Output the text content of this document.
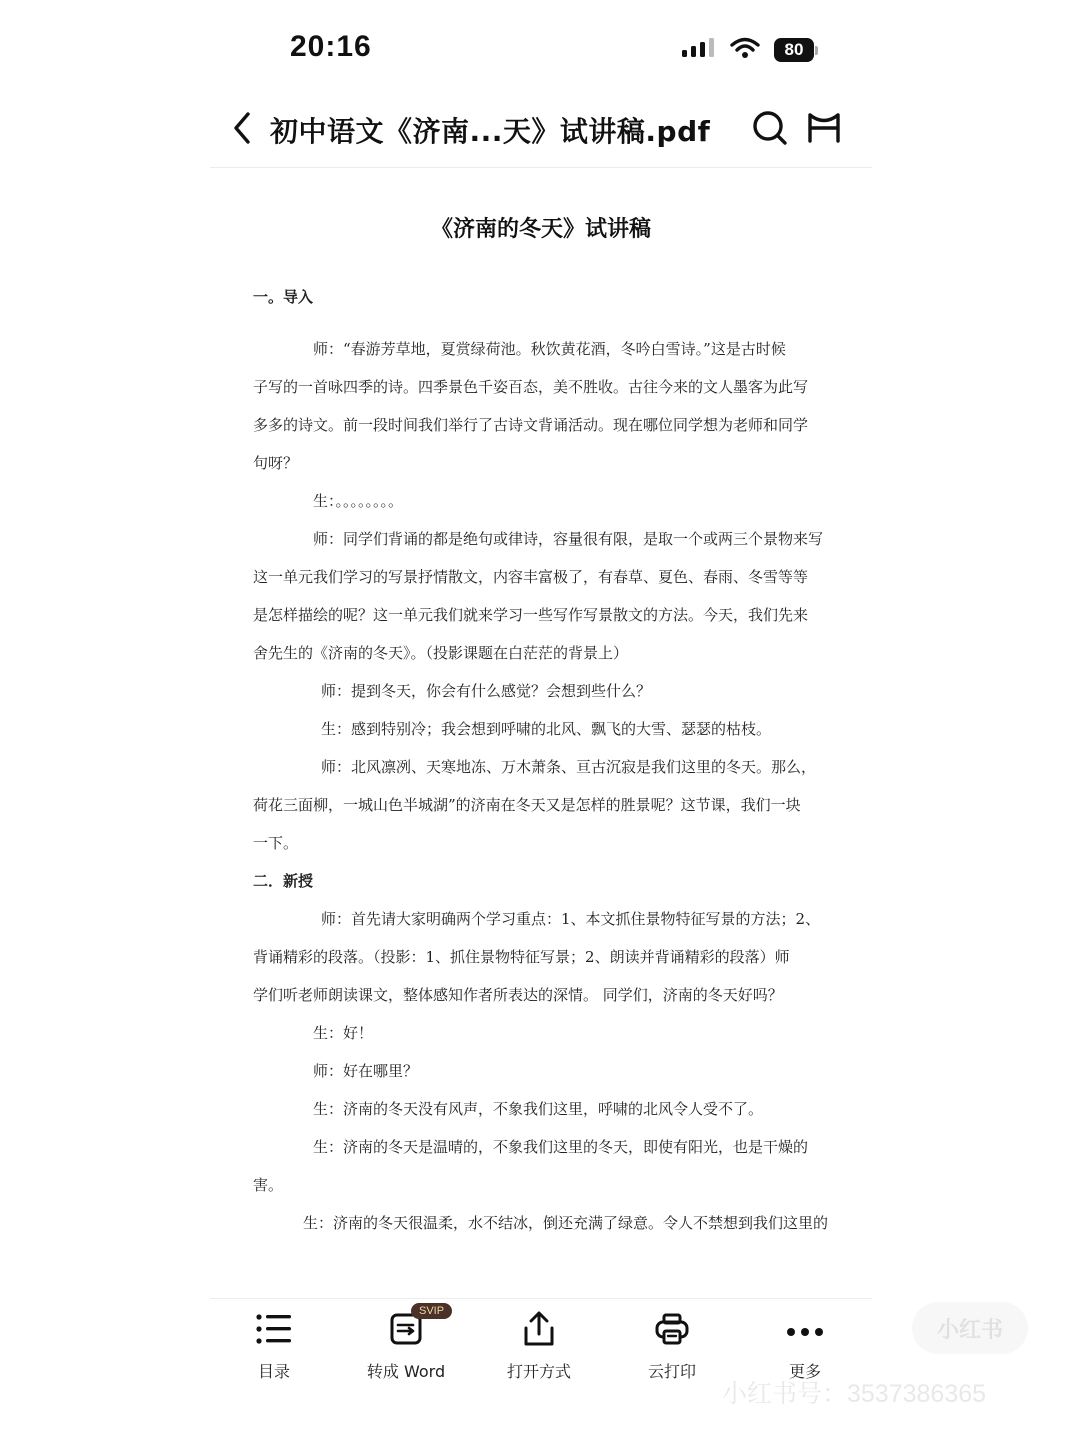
20:16	80
初中语文《济南...天》试讲稿.pdf
《济南的冬天》试讲稿
一。导入
师：“春游芳草地，夏赏绿荷池。秋饮黄花酒，冬吟白雪诗。”这是古时候
子写的一首咏四季的诗。四季景色千姿百态，美不胜收。古往今来的文人墨客为此写
多多的诗文。前一段时间我们举行了古诗文背诵活动。现在哪位同学想为老师和同学
句呀？
生：。。。。。。。。
师：同学们背诵的都是绝句或律诗，容量很有限，是取一个或两三个景物来写
这一单元我们学习的写景抒情散文，内容丰富极了，有春草、夏色、春雨、冬雪等等
是怎样描绘的呢？这一单元我们就来学习一些写作写景散文的方法。今天，我们先来
舍先生的《济南的冬天》。（投影课题在白茫茫的背景上）
师：提到冬天，你会有什么感觉？会想到些什么？
生：感到特别冷；我会想到呼啸的北风、飘飞的大雪、瑟瑟的枯枝。
师：北风凛冽、天寒地冻、万木萧条、亘古沉寂是我们这里的冬天。那么，
荷花三面柳，一城山色半城湖”的济南在冬天又是怎样的胜景呢？这节课，我们一块
一下。
二．新授
师：首先请大家明确两个学习重点：1、本文抓住景物特征写景的方法；2、
背诵精彩的段落。（投影：1、抓住景物特征写景；2、朗读并背诵精彩的段落）师
学们听老师朗读课文，整体感知作者所表达的深情。 同学们，济南的冬天好吗？
生：好！
师：好在哪里？
生：济南的冬天没有风声，不象我们这里，呼啸的北风令人受不了。
生：济南的冬天是温晴的，不象我们这里的冬天，即使有阳光，也是干燥的
害。
生：济南的冬天很温柔，水不结冰，倒还充满了绿意。令人不禁想到我们这里的
目录
SVIP
转成 Word	打开方式	云打印	更多
小红书
小红书号：3537386365
